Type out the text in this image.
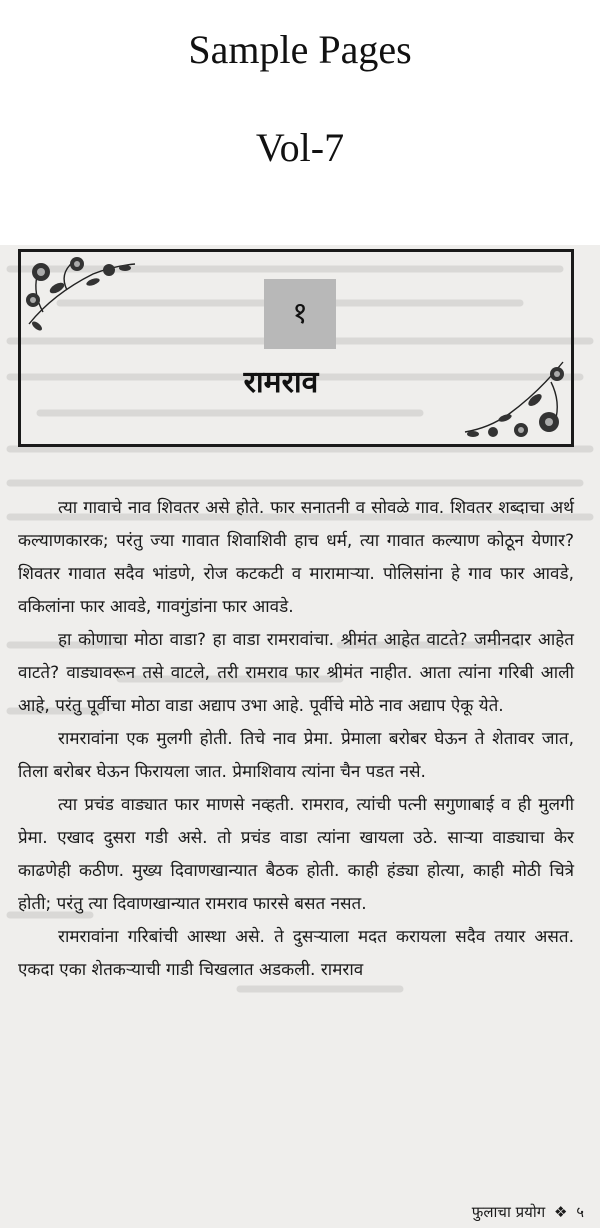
Sample Pages
Vol-7
१
रामराव

त्या गावाचे नाव शिवतर असे होते. फार सनातनी व सोवळे गाव. शिवतर शब्दाचा अर्थ कल्याणकारक; परंतु ज्या गावात शिवाशिवी हाच धर्म, त्या गावात कल्याण कोठून येणार? शिवतर गावात सदैव भांडणे, रोज कटकटी व मारामाऱ्या. पोलिसांना हे गाव फार आवडे, वकिलांना फार आवडे, गावगुंडांना फार आवडे.

हा कोणाचा मोठा वाडा? हा वाडा रामरावांचा. श्रीमंत आहेत वाटते? जमीनदार आहेत वाटते? वाड्यावरून तसे वाटले, तरी रामराव फार श्रीमंत नाहीत. आता त्यांना गरिबी आली आहे, परंतु पूर्वीचा मोठा वाडा अद्याप उभा आहे. पूर्वीचे मोठे नाव अद्याप ऐकू येते.

रामरावांना एक मुलगी होती. तिचे नाव प्रेमा. प्रेमाला बरोबर घेऊन ते शेतावर जात, तिला बरोबर घेऊन फिरायला जात. प्रेमाशिवाय त्यांना चैन पडत नसे.

त्या प्रचंड वाड्यात फार माणसे नव्हती. रामराव, त्यांची पत्नी सगुणाबाई व ही मुलगी प्रेमा. एखाद दुसरा गडी असे. तो प्रचंड वाडा त्यांना खायला उठे. साऱ्या वाड्याचा केर काढणेही कठीण. मुख्य दिवाणखान्यात बैठक होती. काही हंड्या होत्या, काही मोठी चित्रे होती; परंतु त्या दिवाणखान्यात रामराव फारसे बसत नसत.

रामरावांना गरिबांची आस्था असे. ते दुसऱ्याला मदत करायला सदैव तयार असत. एकदा एका शेतकऱ्याची गाडी चिखलात अडकली. रामराव

फुलाचा प्रयोग ❖ ५
